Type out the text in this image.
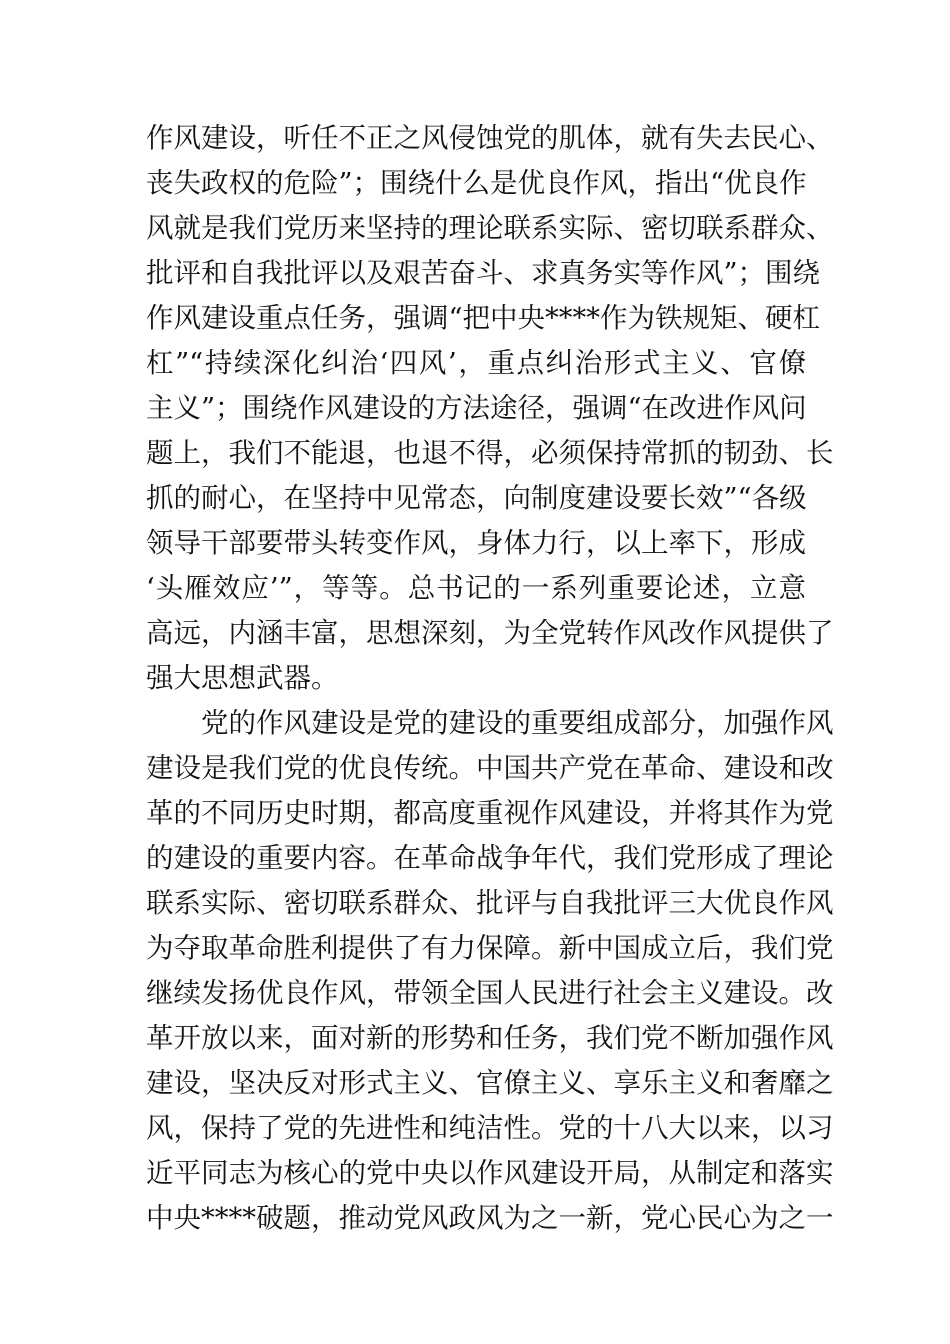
作风建设，听任不正之风侵蚀党的肌体，就有失去民心、
丧失政权的危险”；围绕什么是优良作风，指出“优良作
风就是我们党历来坚持的理论联系实际、密切联系群众、
批评和自我批评以及艰苦奋斗、求真务实等作风”；围绕
作风建设重点任务，强调“把中央****作为铁规矩、硬杠
杠”“持续深化纠治‘四风’，重点纠治形式主义、官僚
主义”；围绕作风建设的方法途径，强调“在改进作风问
题上，我们不能退，也退不得，必须保持常抓的韧劲、长
抓的耐心，在坚持中见常态，向制度建设要长效”“各级
领导干部要带头转变作风，身体力行，以上率下，形成
‘头雁效应’”，等等。总书记的一系列重要论述，立意
高远，内涵丰富，思想深刻，为全党转作风改作风提供了
强大思想武器。
党的作风建设是党的建设的重要组成部分，加强作风
建设是我们党的优良传统。中国共产党在革命、建设和改
革的不同历史时期，都高度重视作风建设，并将其作为党
的建设的重要内容。在革命战争年代，我们党形成了理论
联系实际、密切联系群众、批评与自我批评三大优良作风
为夺取革命胜利提供了有力保障。新中国成立后，我们党
继续发扬优良作风，带领全国人民进行社会主义建设。改
革开放以来，面对新的形势和任务，我们党不断加强作风
建设，坚决反对形式主义、官僚主义、享乐主义和奢靡之
风，保持了党的先进性和纯洁性。党的十八大以来，以习
近平同志为核心的党中央以作风建设开局，从制定和落实
中央****破题，推动党风政风为之一新，党心民心为之一
